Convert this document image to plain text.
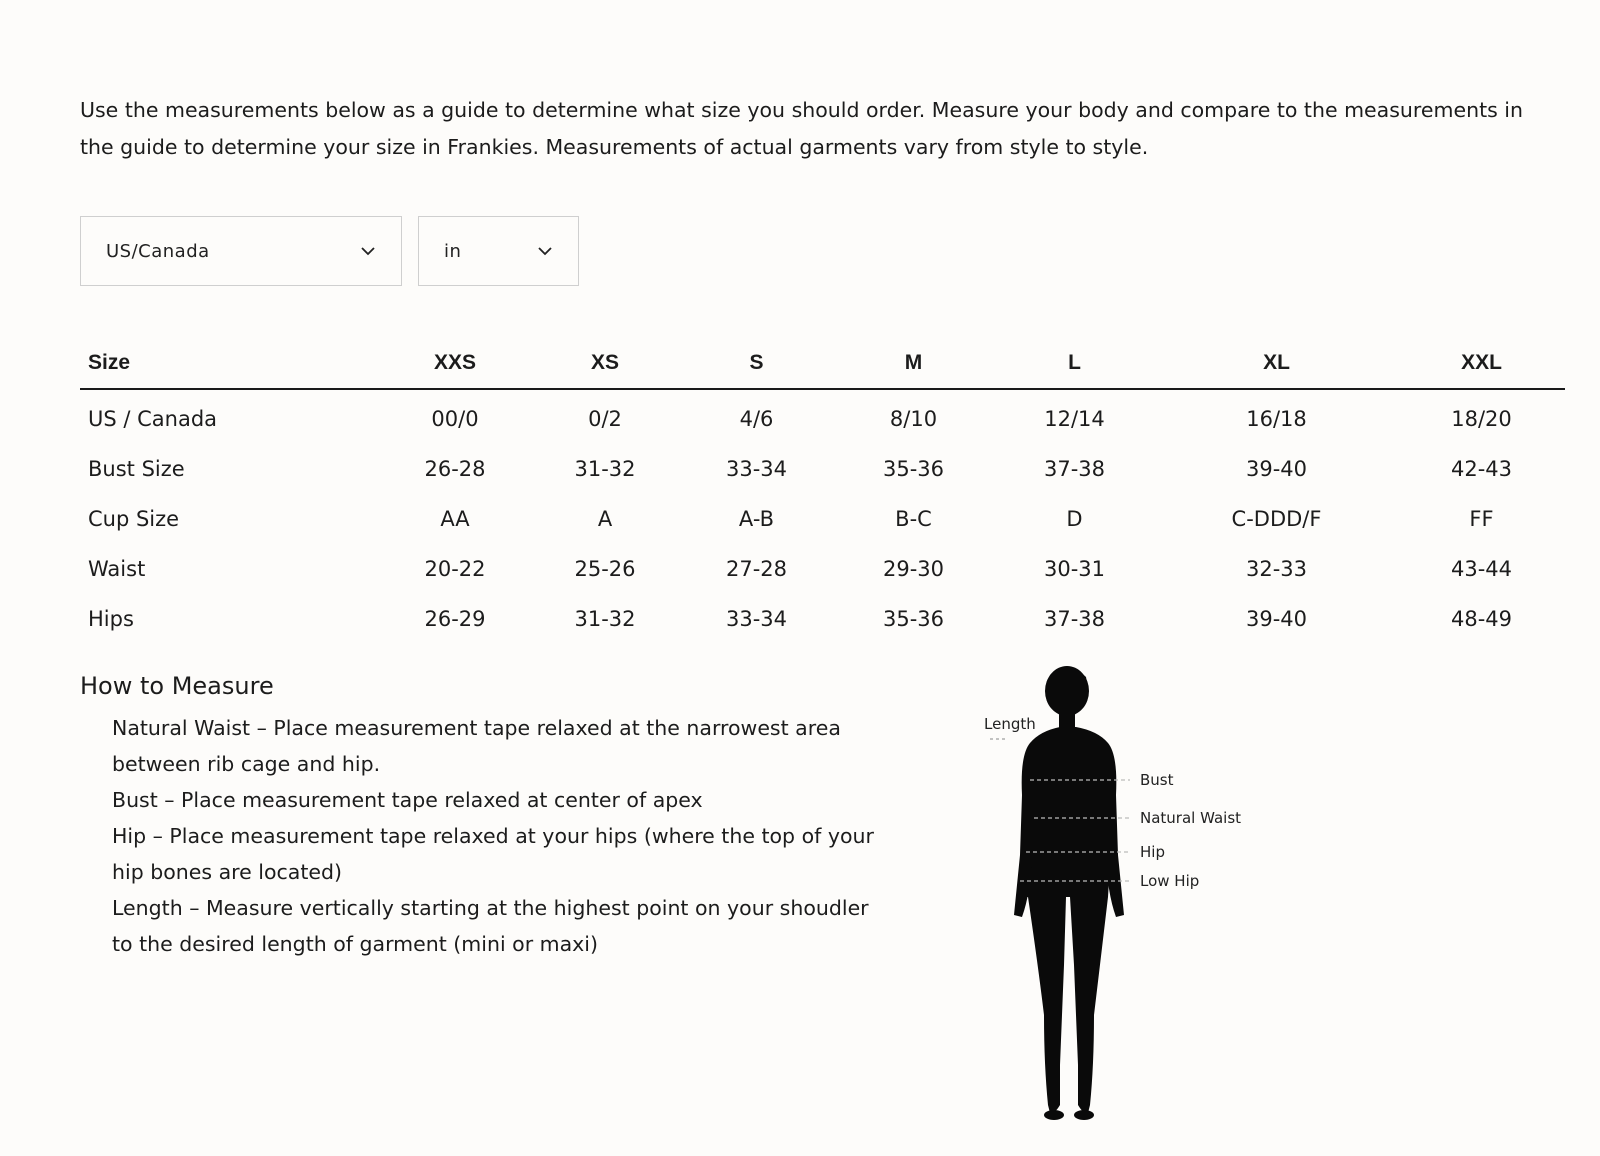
Use the measurements below as a guide to determine what size you should order. Measure your body and compare to the measurements in the guide to determine your size in Frankies. Measurements of actual garments vary from style to style.

US/Canada	in
Size	XXS	XS	S	M	L	XL	XXL
US / Canada	00/0	0/2	4/6	8/10	12/14	16/18	18/20
Bust Size	26-28	31-32	33-34	35-36	37-38	39-40	42-43
Cup Size	AA	A	A-B	B-C	D	C-DDD/F	FF
Waist	20-22	25-26	27-28	29-30	30-31	32-33	43-44
Hips	26-29	31-32	33-34	35-36	37-38	39-40	48-49
How to Measure
Natural Waist – Place measurement tape relaxed at the narrowest area between rib cage and hip.
Bust – Place measurement tape relaxed at center of apex
Hip – Place measurement tape relaxed at your hips (where the top of your hip bones are located)
Length – Measure vertically starting at the highest point on your shoudler to the desired length of garment (mini or maxi)
Length
Bust
Natural Waist
Hip
Low Hip
